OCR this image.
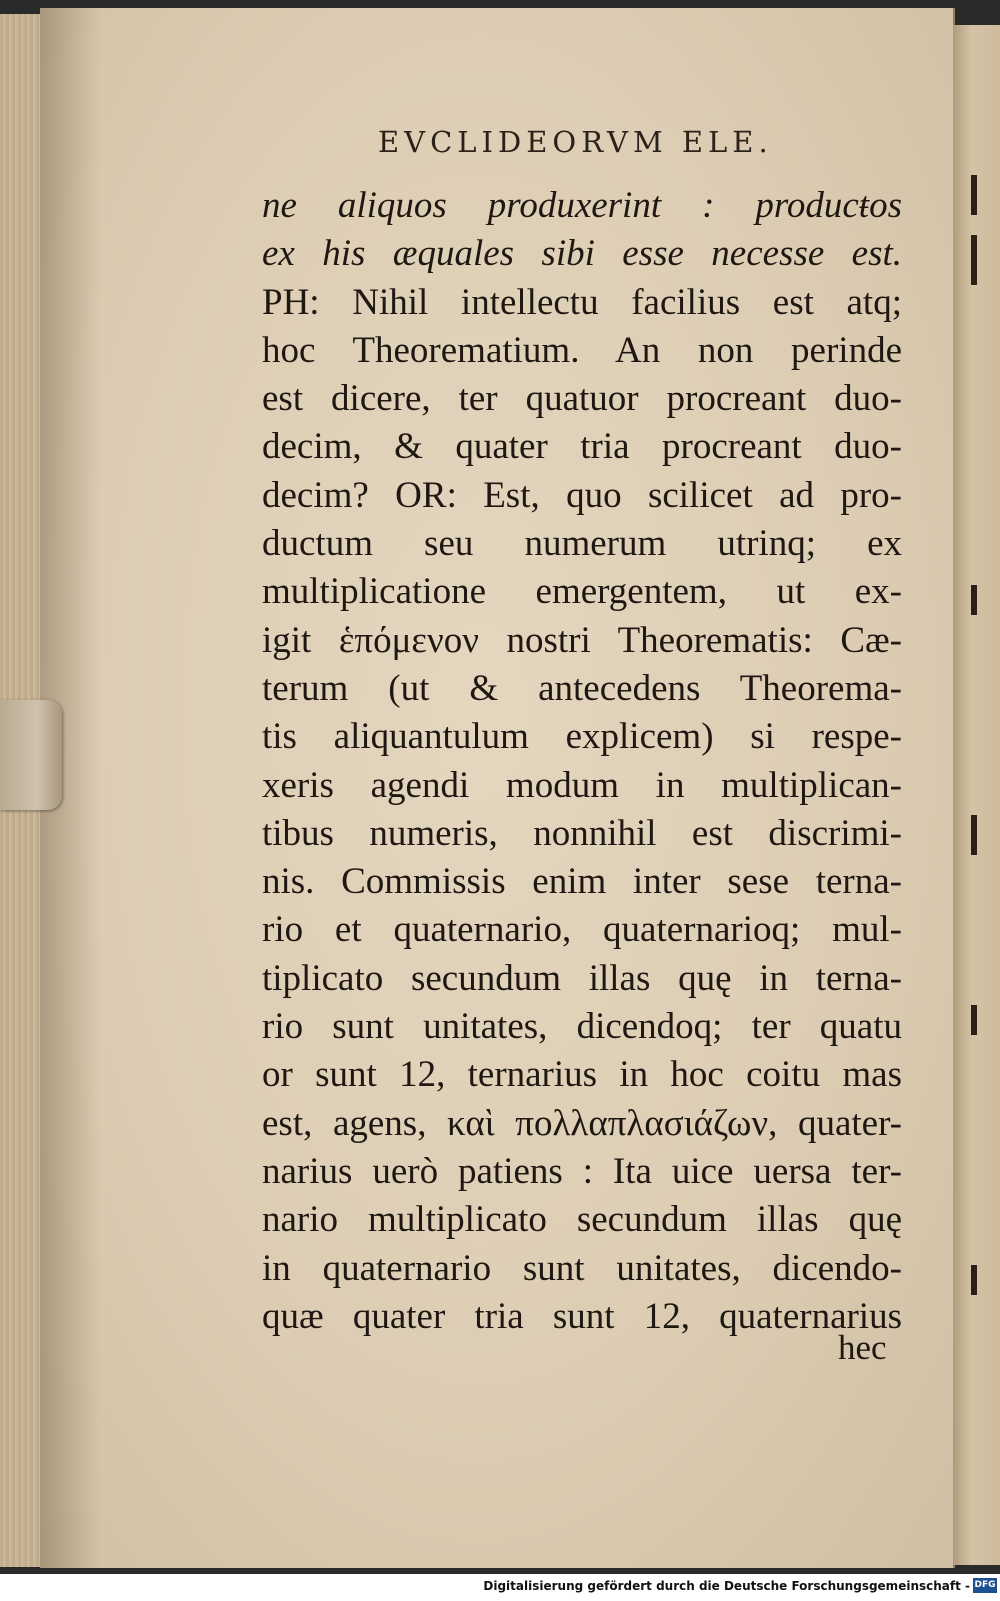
EVCLIDEORVM ELE.
ne aliquos produxerint : producŧos
ex his æquales sibi esse necesse est.
PH: Nihil intellectu facilius est atq;
hoc Theorematium. An non perinde
est dicere, ter quatuor procreant duo-
decim, & quater tria procreant duo-
decim? OR: Est, quo scilicet ad pro-
ductum seu numerum utrinq; ex
multiplicatione emergentem, ut ex-
igit ἑπόμενον nostri Theorematis: Cæ-
terum (ut & antecedens Theorema-
tis aliquantulum explicem) si respe-
xeris agendi modum in multiplican-
tibus numeris, nonnihil est discrimi-
nis. Commissis enim inter sese terna-
rio et quaternario, quaternarioq; mul-
tiplicato secundum illas quę in terna-
rio sunt unitates, dicendoq; ter quatu
or sunt 12, ternarius in hoc coitu mas
est, agens, καὶ πολλαπλασιάζων, quater-
narius uerò patiens : Ita uice uersa ter-
nario multiplicato secundum illas quę
in quaternario sunt unitates, dicendo-
quæ quater tria sunt 12, quaternarius
hec
Digitalisierung gefördert durch die Deutsche Forschungsgemeinschaft - DFG
